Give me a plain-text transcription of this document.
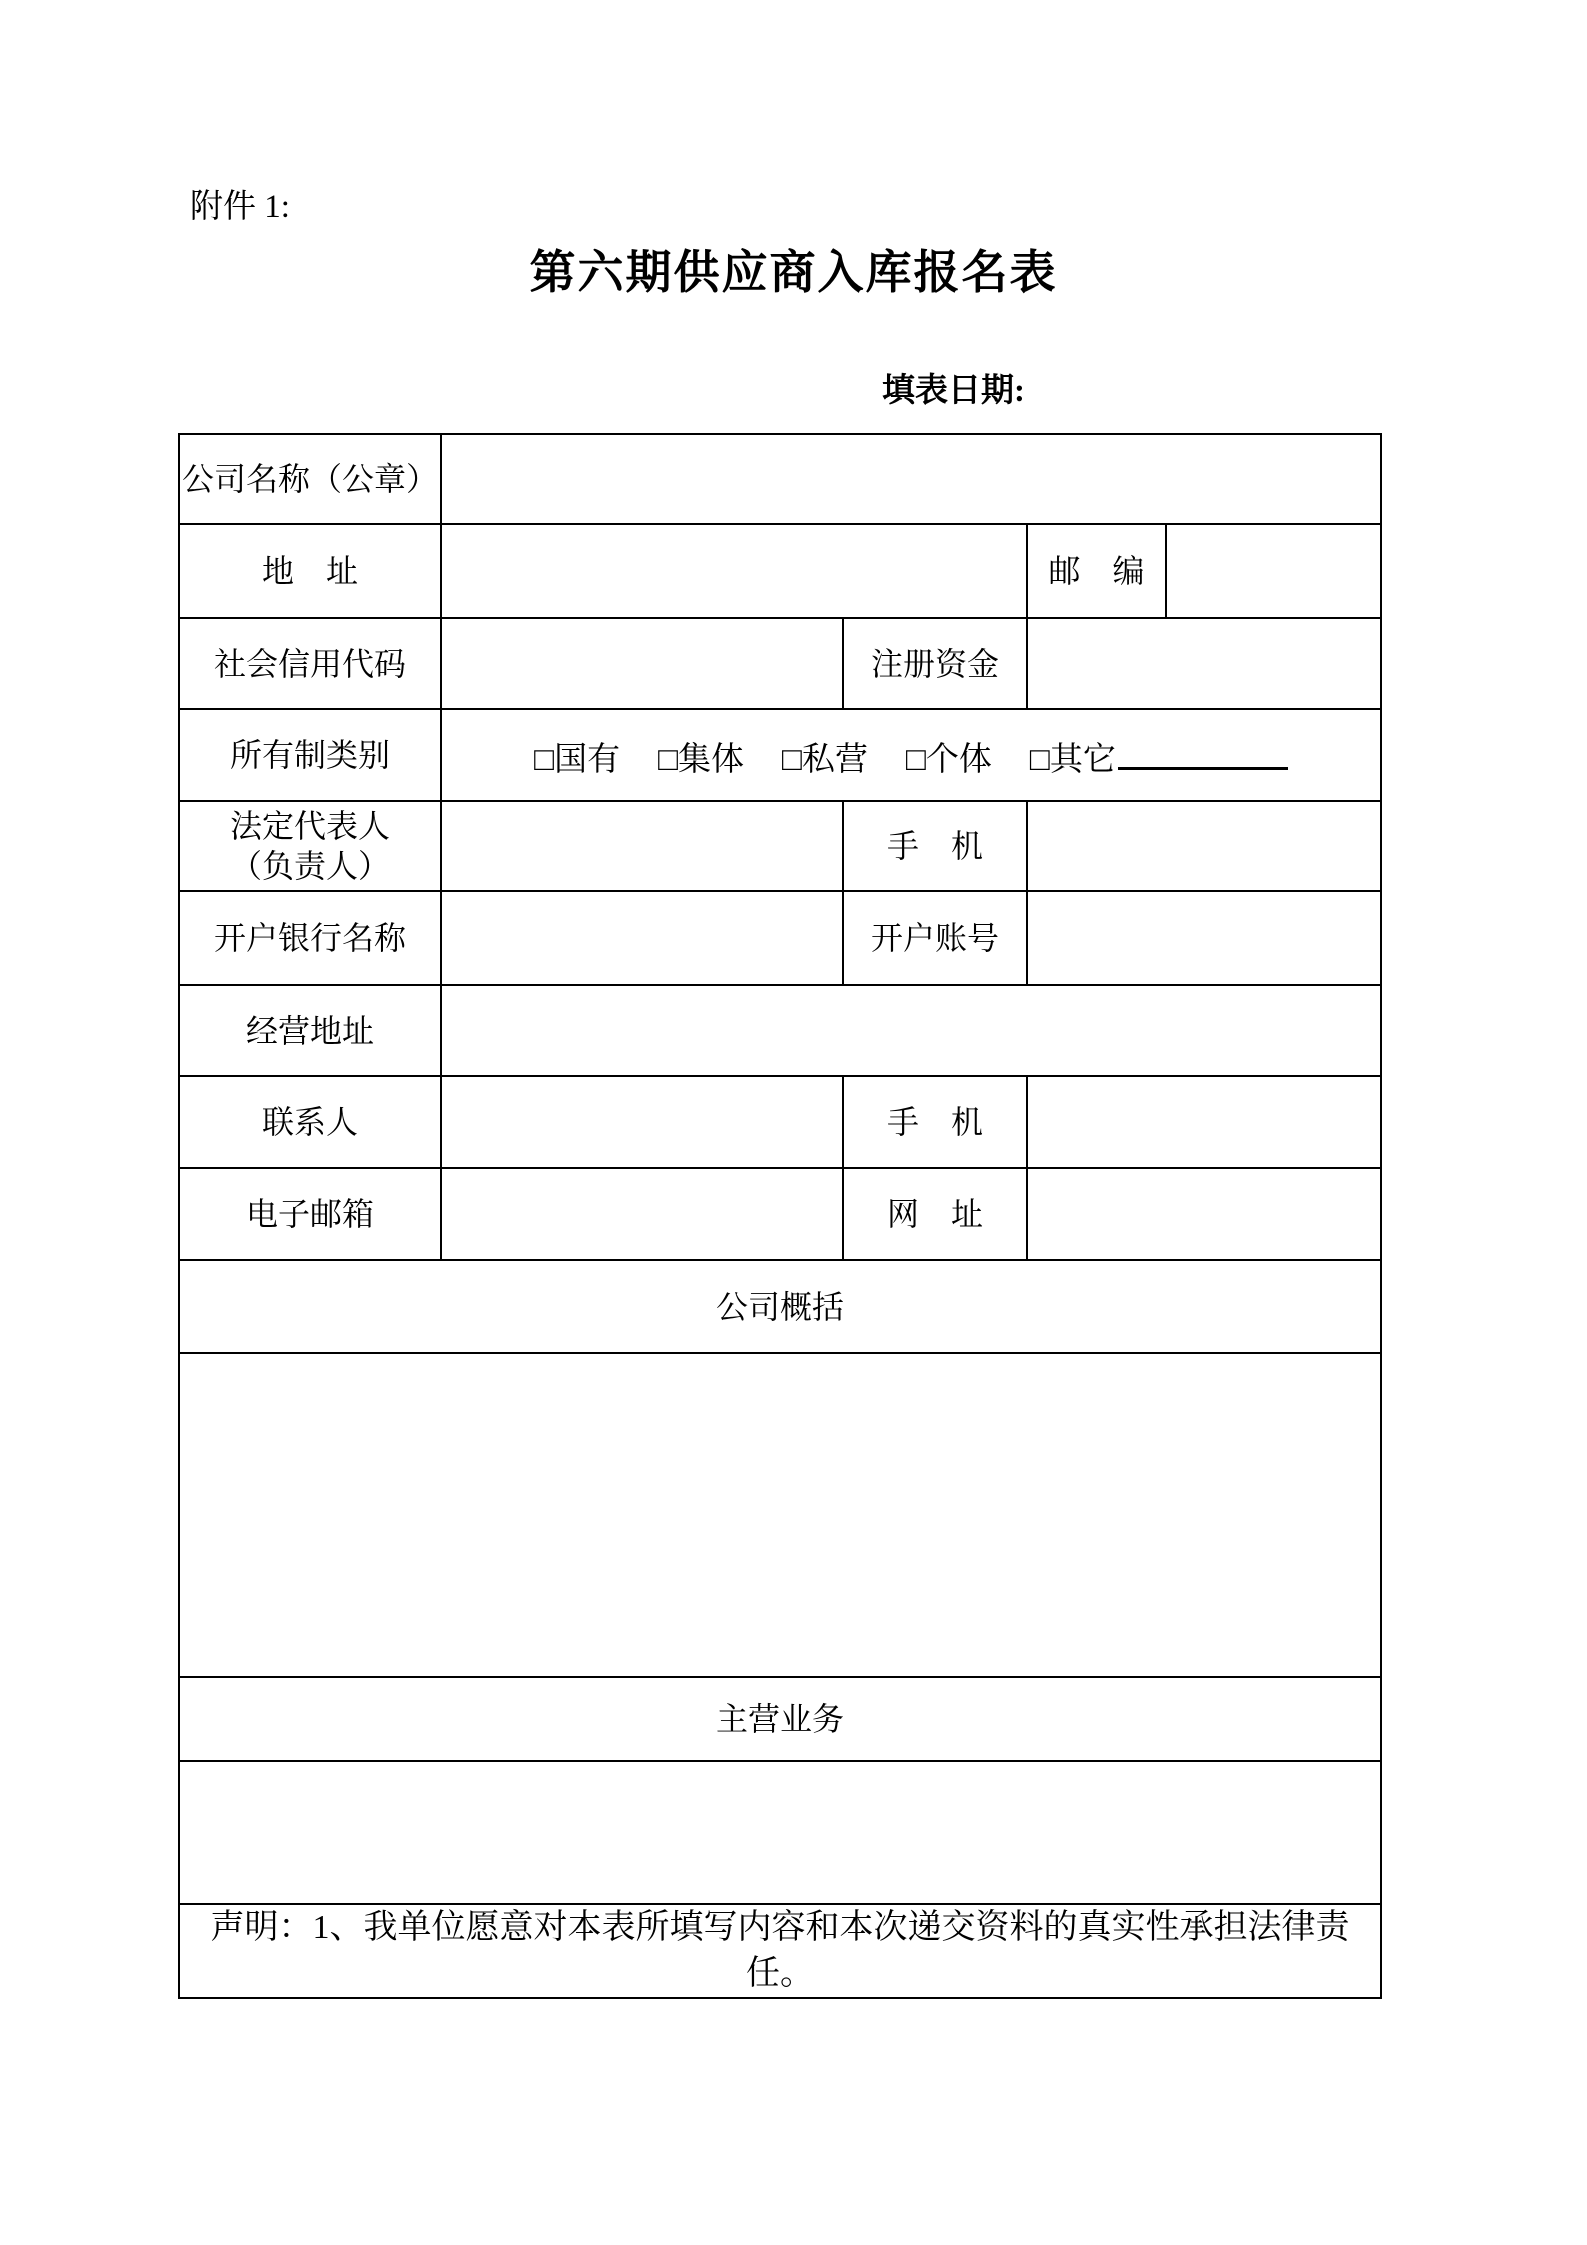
附件 1:
第六期供应商入库报名表
填表日期:
公司名称（公章）				
地　址			邮　编	
社会信用代码		注册资金		
所有制类别	□国有 □集体 □私营 □个体 □其它			

法定代表人
（负责人）		手　机		
开户银行名称		开户账号		
经营地址				
联系人		手　机		
电子邮箱		网　址		
公司概括				

主营业务				

声明：1、我单位愿意对本表所填写内容和本次递交资料的真实性承担法律责任。				
